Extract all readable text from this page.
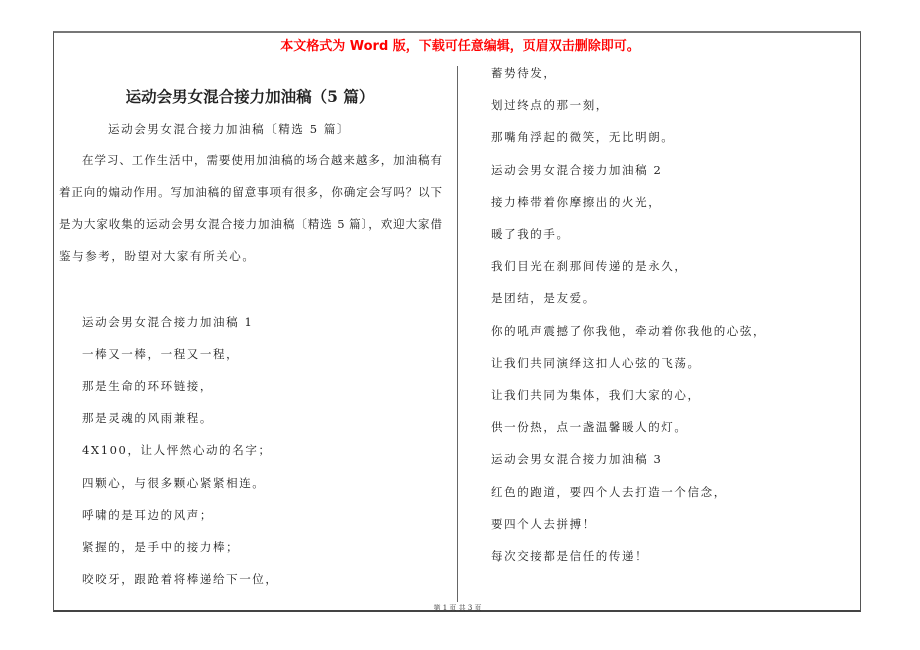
本文格式为 Word 版，下载可任意编辑，页眉双击删除即可。
运动会男女混合接力加油稿（5 篇）
运动会男女混合接力加油稿〔精选 5 篇〕
在学习、工作生活中，需要使用加油稿的场合越来越多，加油稿有
着正向的煽动作用。写加油稿的留意事项有很多，你确定会写吗？以下
是为大家收集的运动会男女混合接力加油稿〔精选 5 篇〕，欢迎大家借
鉴与参考，盼望对大家有所关心。
运动会男女混合接力加油稿 1
一棒又一棒，一程又一程，
那是生命的环环链接，
那是灵魂的风雨兼程。
4X100，让人怦然心动的名字；
四颗心，与很多颗心紧紧相连。
呼啸的是耳边的风声；
紧握的，是手中的接力棒；
咬咬牙，跟跄着将棒递给下一位，
蓄势待发，
划过终点的那一刻，
那嘴角浮起的微笑，无比明朗。
运动会男女混合接力加油稿 2
接力棒带着你摩擦出的火光，
暖了我的手。
我们目光在刹那间传递的是永久，
是团结，是友爱。
你的吼声震撼了你我他，牵动着你我他的心弦，
让我们共同演绎这扣人心弦的飞荡。
让我们共同为集体，我们大家的心，
供一份热，点一盏温馨暖人的灯。
运动会男女混合接力加油稿 3
红色的跑道，要四个人去打造一个信念，
要四个人去拼搏！
每次交接都是信任的传递！
第 1 页 共 3 页
